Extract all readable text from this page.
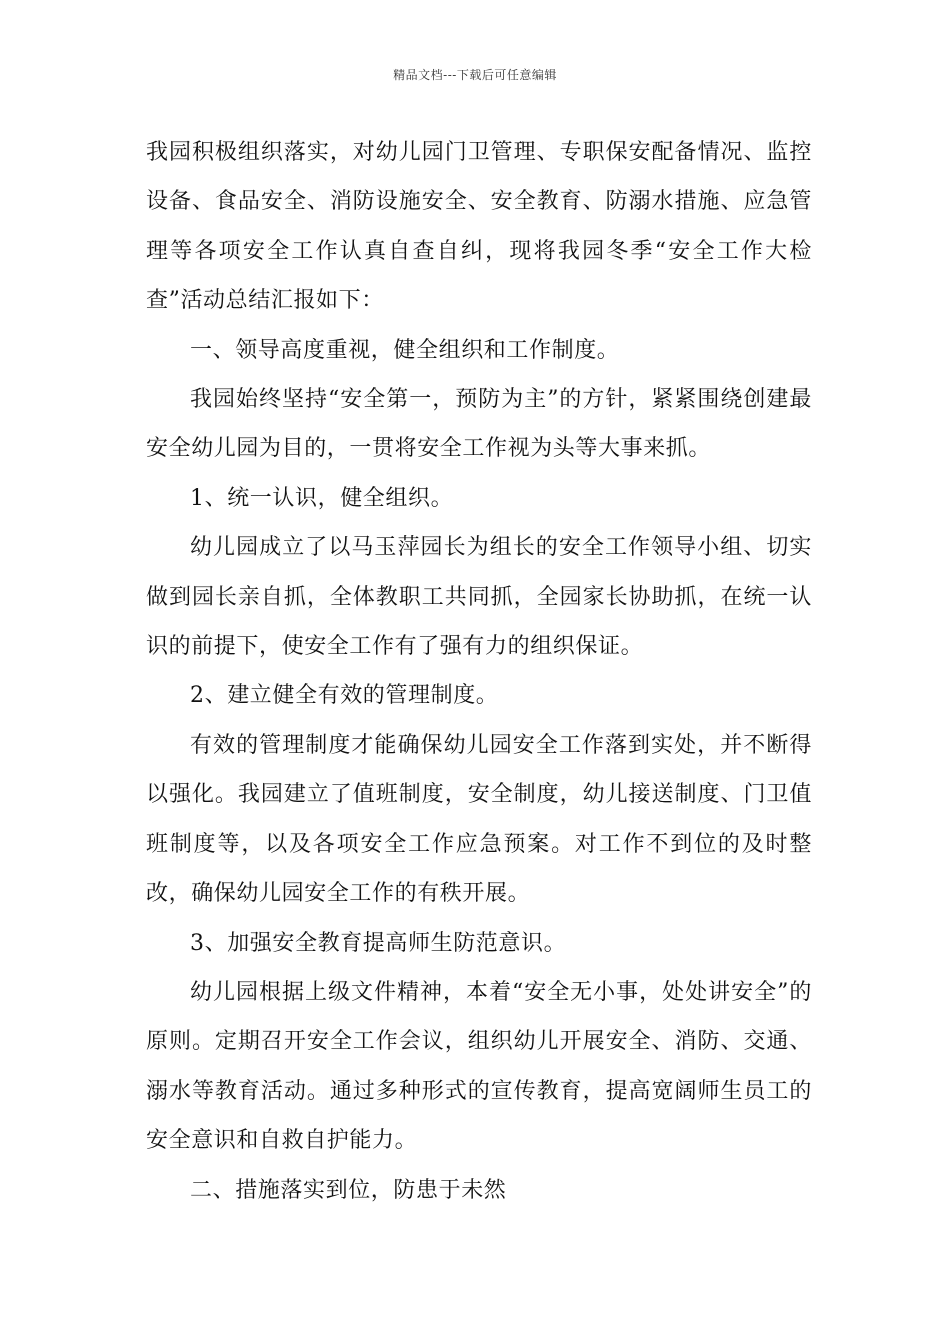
精品文档---下载后可任意编辑

我园积极组织落实，对幼儿园门卫管理、专职保安配备情况、监控设备、食品安全、消防设施安全、安全教育、防溺水措施、应急管理等各项安全工作认真自查自纠，现将我园冬季“安全工作大检查”活动总结汇报如下：

一、领导高度重视，健全组织和工作制度。

我园始终坚持“安全第一，预防为主”的方针，紧紧围绕创建最安全幼儿园为目的，一贯将安全工作视为头等大事来抓。

1、统一认识，健全组织。

幼儿园成立了以马玉萍园长为组长的安全工作领导小组、切实做到园长亲自抓，全体教职工共同抓，全园家长协助抓，在统一认识的前提下，使安全工作有了强有力的组织保证。

2、建立健全有效的管理制度。

有效的管理制度才能确保幼儿园安全工作落到实处，并不断得以强化。我园建立了值班制度，安全制度，幼儿接送制度、门卫值班制度等，以及各项安全工作应急预案。对工作不到位的及时整改，确保幼儿园安全工作的有秩开展。

3、加强安全教育提高师生防范意识。

幼儿园根据上级文件精神，本着“安全无小事，处处讲安全”的原则。定期召开安全工作会议，组织幼儿开展安全、消防、交通、溺水等教育活动。通过多种形式的宣传教育，提高宽阔师生员工的安全意识和自救自护能力。

二、措施落实到位，防患于未然
